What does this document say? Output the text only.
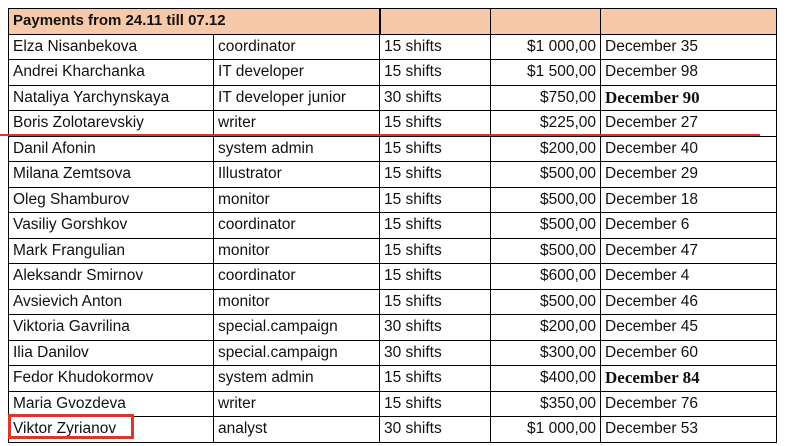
Payments from 24.11 till 07.12				
Elza Nisanbekova	coordinator	15 shifts	$1 000,00	December 35
Andrei Kharchanka	IT developer	15 shifts	$1 500,00	December 98
Nataliya Yarchynskaya	IT developer junior	30 shifts	$750,00	December 90
Boris Zolotarevskiy	writer	15 shifts	$225,00	December 27
Danil Afonin	system admin	15 shifts	$200,00	December 40
Milana Zemtsova	Illustrator	15 shifts	$500,00	December 29
Oleg Shamburov	monitor	15 shifts	$500,00	December 18
Vasiliy Gorshkov	coordinator	15 shifts	$500,00	December 6
Mark Frangulian	monitor	15 shifts	$500,00	December 47
Aleksandr Smirnov	coordinator	15 shifts	$600,00	December 4
Avsievich Anton	monitor	15 shifts	$500,00	December 46
Viktoria Gavrilina	special.campaign	30 shifts	$200,00	December 45
Ilia Danilov	special.campaign	30 shifts	$300,00	December 60
Fedor Khudokormov	system admin	15 shifts	$400,00	December 84
Maria Gvozdeva	writer	15 shifts	$350,00	December 76
Viktor Zyrianov	analyst	30 shifts	$1 000,00	December 53
